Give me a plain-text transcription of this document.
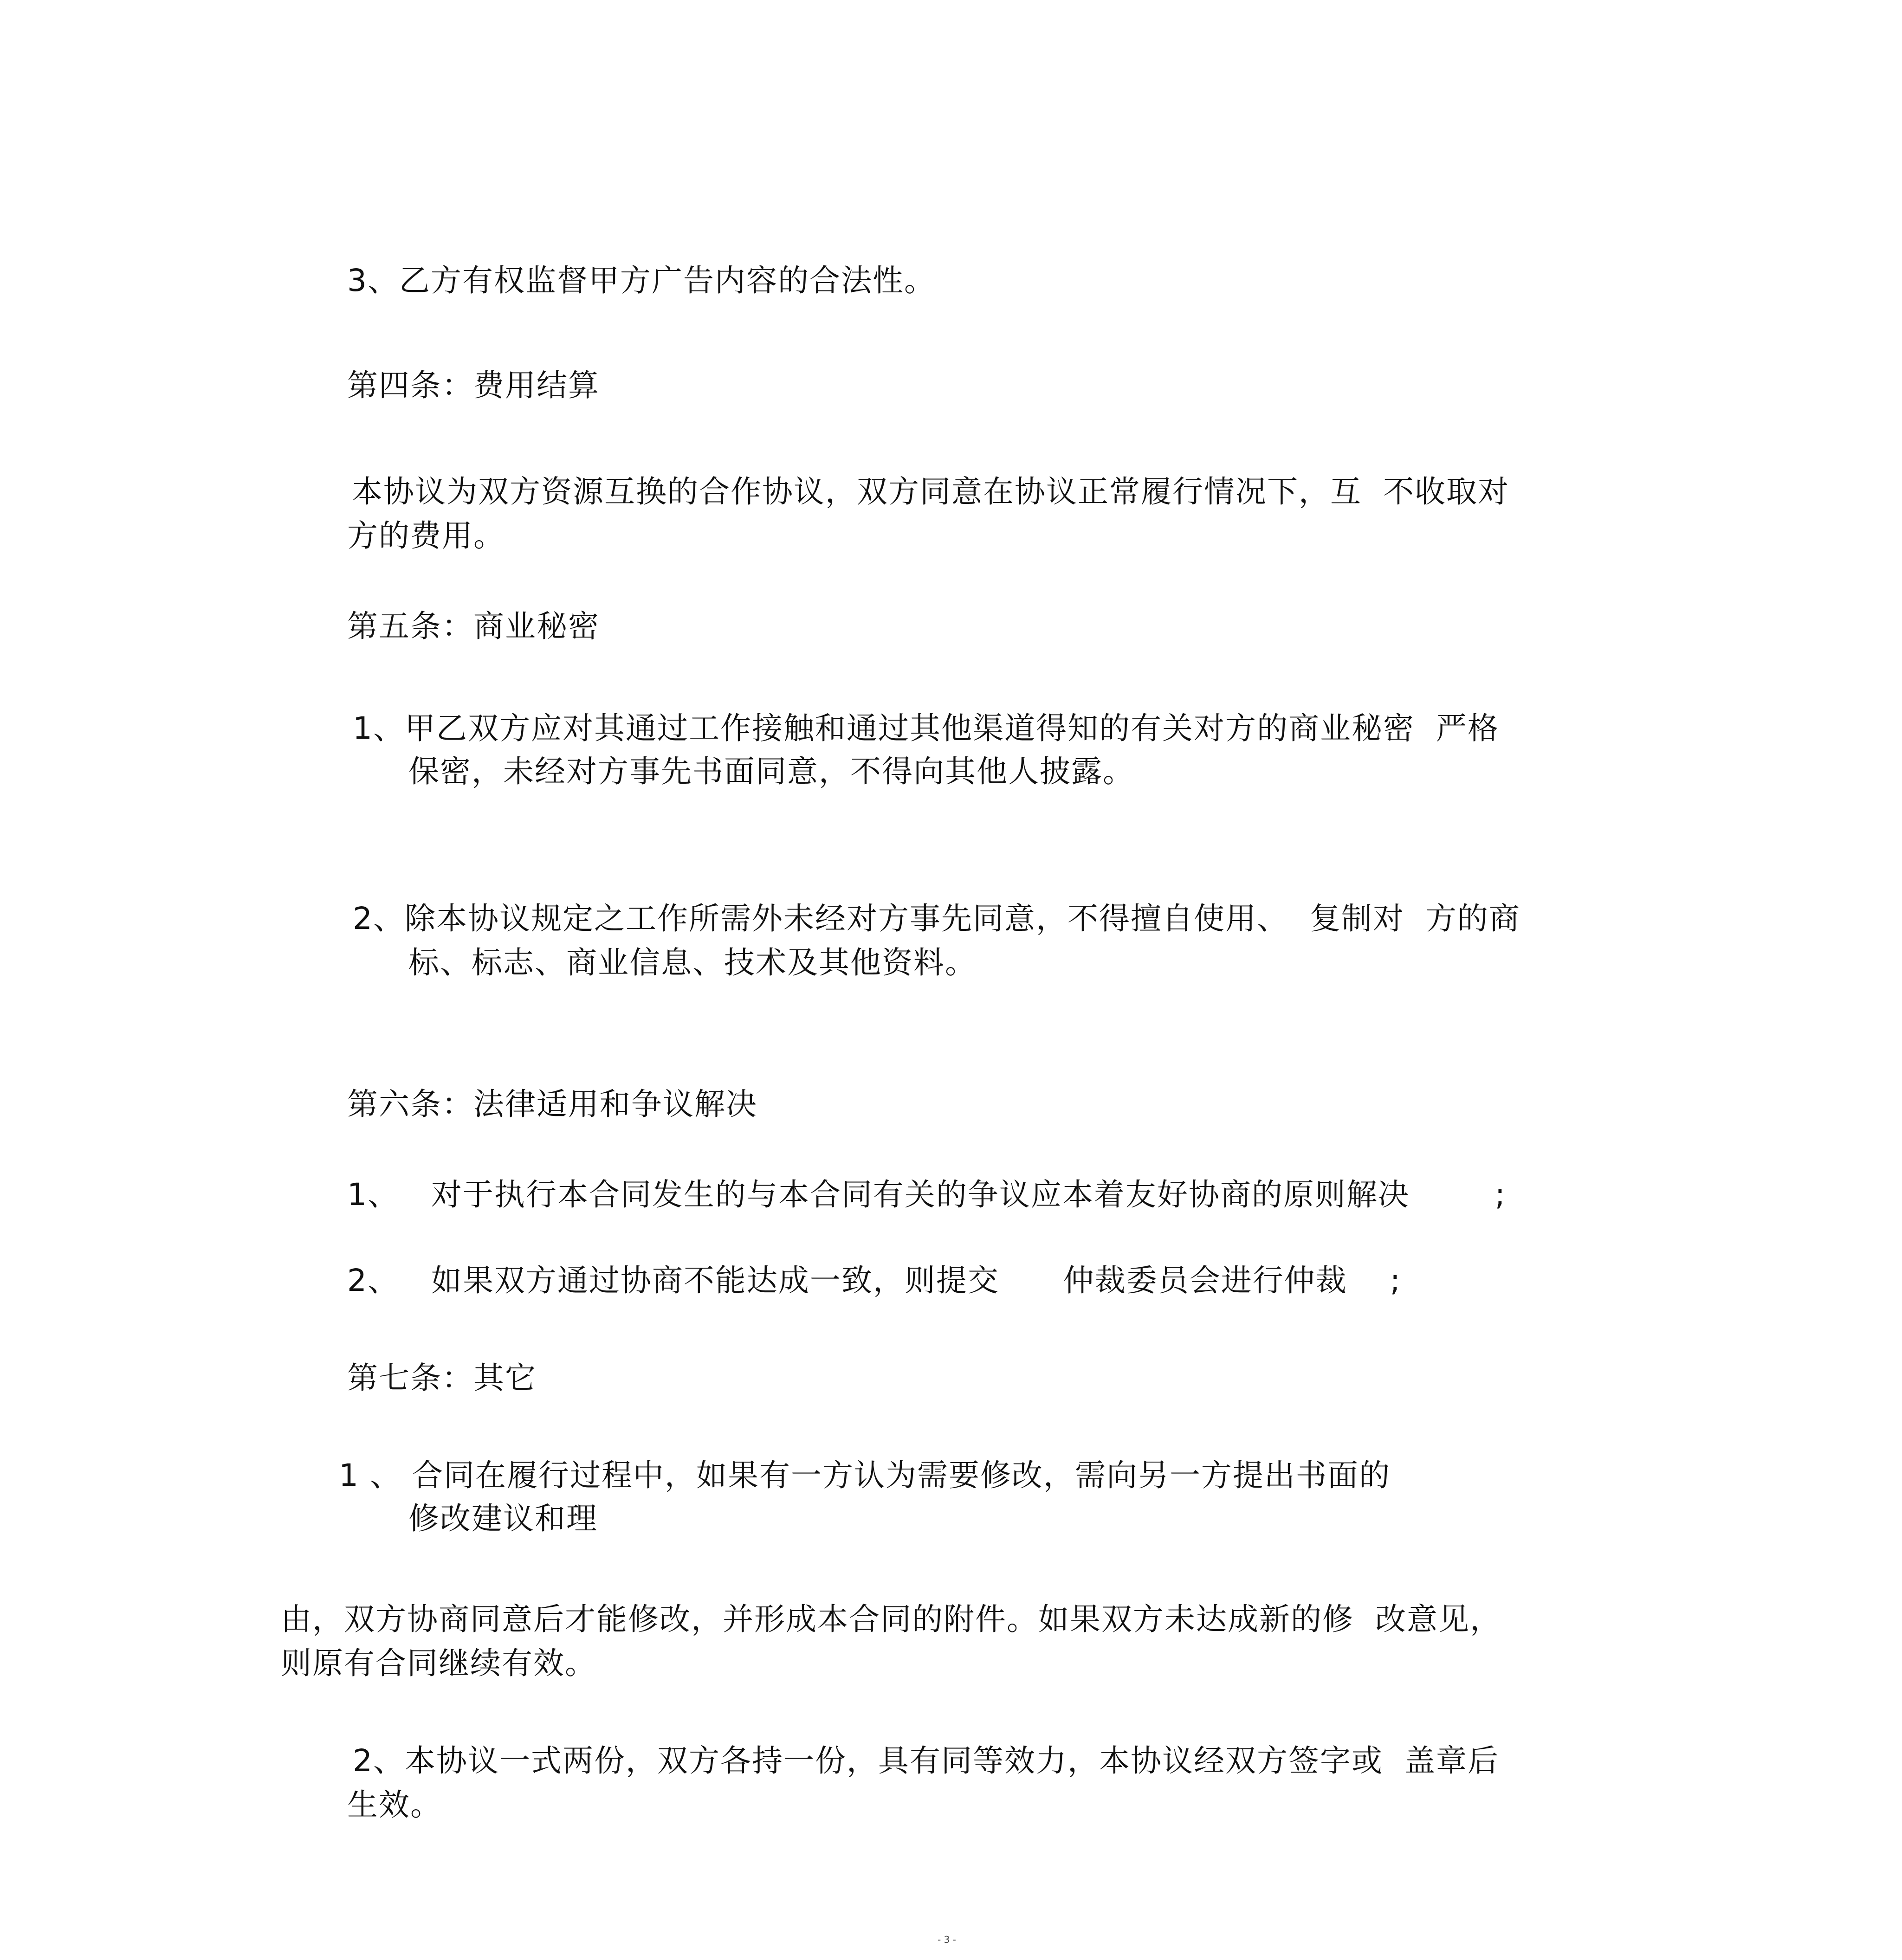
3、乙方有权监督甲方广告内容的合法性。
第四条：费用结算
本协议为双方资源互换的合作协议，双方同意在协议正常履行情况下，互  不收取对
方的费用。
第五条：商业秘密
1、甲乙双方应对其通过工作接触和通过其他渠道得知的有关对方的商业秘密  严格
保密，未经对方事先书面同意，不得向其他人披露。
2、除本协议规定之工作所需外未经对方事先同意，不得擅自使用、  复制对  方的商
标、标志、商业信息、技术及其他资料。
第六条：法律适用和争议解决
1、   对于执行本合同发生的与本合同有关的争议应本着友好协商的原则解决        ;
2、   如果双方通过协商不能达成一致，则提交      仲裁委员会进行仲裁    ;
第七条：其它
1 、 合同在履行过程中，如果有一方认为需要修改，需向另一方提出书面的
修改建议和理
由，双方协商同意后才能修改，并形成本合同的附件。如果双方未达成新的修  改意见，
则原有合同继续有效。
2、本协议一式两份，双方各持一份，具有同等效力，本协议经双方签字或  盖章后
生效。
- 3 -
